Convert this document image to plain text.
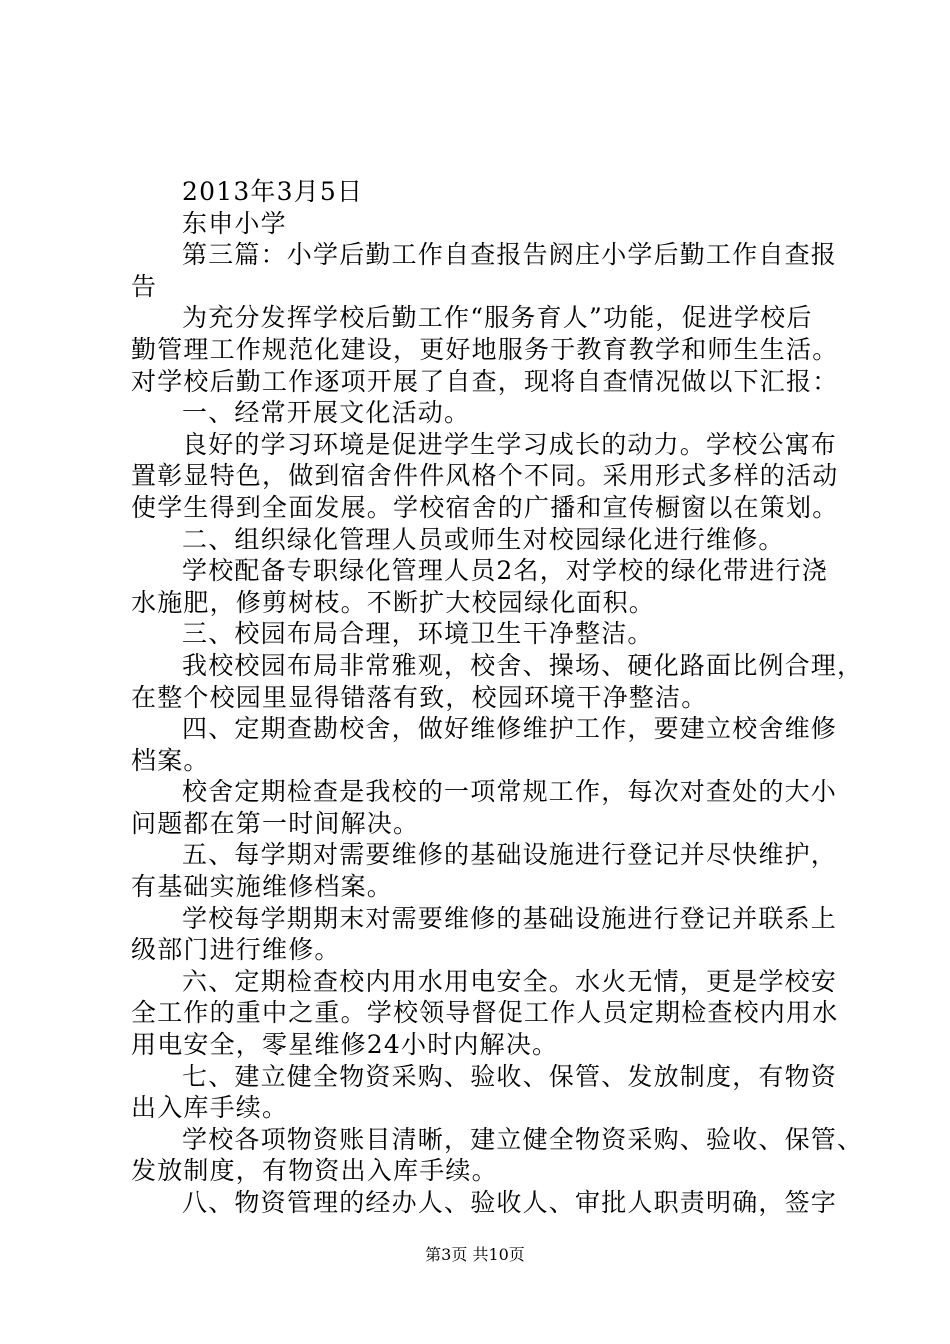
2013年3月5日
东申小学
第三篇：小学后勤工作自查报告阏庄小学后勤工作自查报
告
为充分发挥学校后勤工作“服务育人”功能，促进学校后
勤管理工作规范化建设，更好地服务于教育教学和师生生活。
对学校后勤工作逐项开展了自查，现将自查情况做以下汇报：
一、经常开展文化活动。
良好的学习环境是促进学生学习成长的动力。学校公寓布
置彰显特色，做到宿舍件件风格个不同。采用形式多样的活动
使学生得到全面发展。学校宿舍的广播和宣传橱窗以在策划。
二、组织绿化管理人员或师生对校园绿化进行维修。
学校配备专职绿化管理人员2名，对学校的绿化带进行浇
水施肥，修剪树枝。不断扩大校园绿化面积。
三、校园布局合理，环境卫生干净整洁。
我校校园布局非常雅观，校舍、操场、硬化路面比例合理，
在整个校园里显得错落有致，校园环境干净整洁。
四、定期查勘校舍，做好维修维护工作，要建立校舍维修
档案。
校舍定期检查是我校的一项常规工作，每次对查处的大小
问题都在第一时间解决。
五、每学期对需要维修的基础设施进行登记并尽快维护，
有基础实施维修档案。
学校每学期期末对需要维修的基础设施进行登记并联系上
级部门进行维修。
六、定期检查校内用水用电安全。水火无情，更是学校安
全工作的重中之重。学校领导督促工作人员定期检查校内用水
用电安全，零星维修24小时内解决。
七、建立健全物资采购、验收、保管、发放制度，有物资
出入库手续。
学校各项物资账目清晰，建立健全物资采购、验收、保管、
发放制度，有物资出入库手续。
八、物资管理的经办人、验收人、审批人职责明确，签字
第3页 共10页
